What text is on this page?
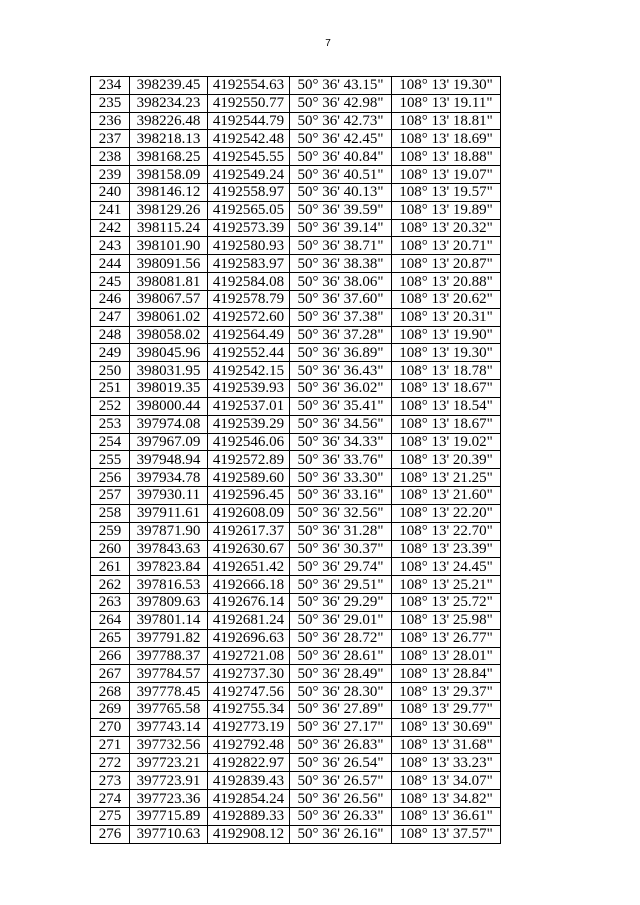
7
234	398239.45	4192554.63	50° 36' 43.15"	108° 13' 19.30"
235	398234.23	4192550.77	50° 36' 42.98"	108° 13' 19.11"
236	398226.48	4192544.79	50° 36' 42.73"	108° 13' 18.81"
237	398218.13	4192542.48	50° 36' 42.45"	108° 13' 18.69"
238	398168.25	4192545.55	50° 36' 40.84"	108° 13' 18.88"
239	398158.09	4192549.24	50° 36' 40.51"	108° 13' 19.07"
240	398146.12	4192558.97	50° 36' 40.13"	108° 13' 19.57"
241	398129.26	4192565.05	50° 36' 39.59"	108° 13' 19.89"
242	398115.24	4192573.39	50° 36' 39.14"	108° 13' 20.32"
243	398101.90	4192580.93	50° 36' 38.71"	108° 13' 20.71"
244	398091.56	4192583.97	50° 36' 38.38"	108° 13' 20.87"
245	398081.81	4192584.08	50° 36' 38.06"	108° 13' 20.88"
246	398067.57	4192578.79	50° 36' 37.60"	108° 13' 20.62"
247	398061.02	4192572.60	50° 36' 37.38"	108° 13' 20.31"
248	398058.02	4192564.49	50° 36' 37.28"	108° 13' 19.90"
249	398045.96	4192552.44	50° 36' 36.89"	108° 13' 19.30"
250	398031.95	4192542.15	50° 36' 36.43"	108° 13' 18.78"
251	398019.35	4192539.93	50° 36' 36.02"	108° 13' 18.67"
252	398000.44	4192537.01	50° 36' 35.41"	108° 13' 18.54"
253	397974.08	4192539.29	50° 36' 34.56"	108° 13' 18.67"
254	397967.09	4192546.06	50° 36' 34.33"	108° 13' 19.02"
255	397948.94	4192572.89	50° 36' 33.76"	108° 13' 20.39"
256	397934.78	4192589.60	50° 36' 33.30"	108° 13' 21.25"
257	397930.11	4192596.45	50° 36' 33.16"	108° 13' 21.60"
258	397911.61	4192608.09	50° 36' 32.56"	108° 13' 22.20"
259	397871.90	4192617.37	50° 36' 31.28"	108° 13' 22.70"
260	397843.63	4192630.67	50° 36' 30.37"	108° 13' 23.39"
261	397823.84	4192651.42	50° 36' 29.74"	108° 13' 24.45"
262	397816.53	4192666.18	50° 36' 29.51"	108° 13' 25.21"
263	397809.63	4192676.14	50° 36' 29.29"	108° 13' 25.72"
264	397801.14	4192681.24	50° 36' 29.01"	108° 13' 25.98"
265	397791.82	4192696.63	50° 36' 28.72"	108° 13' 26.77"
266	397788.37	4192721.08	50° 36' 28.61"	108° 13' 28.01"
267	397784.57	4192737.30	50° 36' 28.49"	108° 13' 28.84"
268	397778.45	4192747.56	50° 36' 28.30"	108° 13' 29.37"
269	397765.58	4192755.34	50° 36' 27.89"	108° 13' 29.77"
270	397743.14	4192773.19	50° 36' 27.17"	108° 13' 30.69"
271	397732.56	4192792.48	50° 36' 26.83"	108° 13' 31.68"
272	397723.21	4192822.97	50° 36' 26.54"	108° 13' 33.23"
273	397723.91	4192839.43	50° 36' 26.57"	108° 13' 34.07"
274	397723.36	4192854.24	50° 36' 26.56"	108° 13' 34.82"
275	397715.89	4192889.33	50° 36' 26.33"	108° 13' 36.61"
276	397710.63	4192908.12	50° 36' 26.16"	108° 13' 37.57"
